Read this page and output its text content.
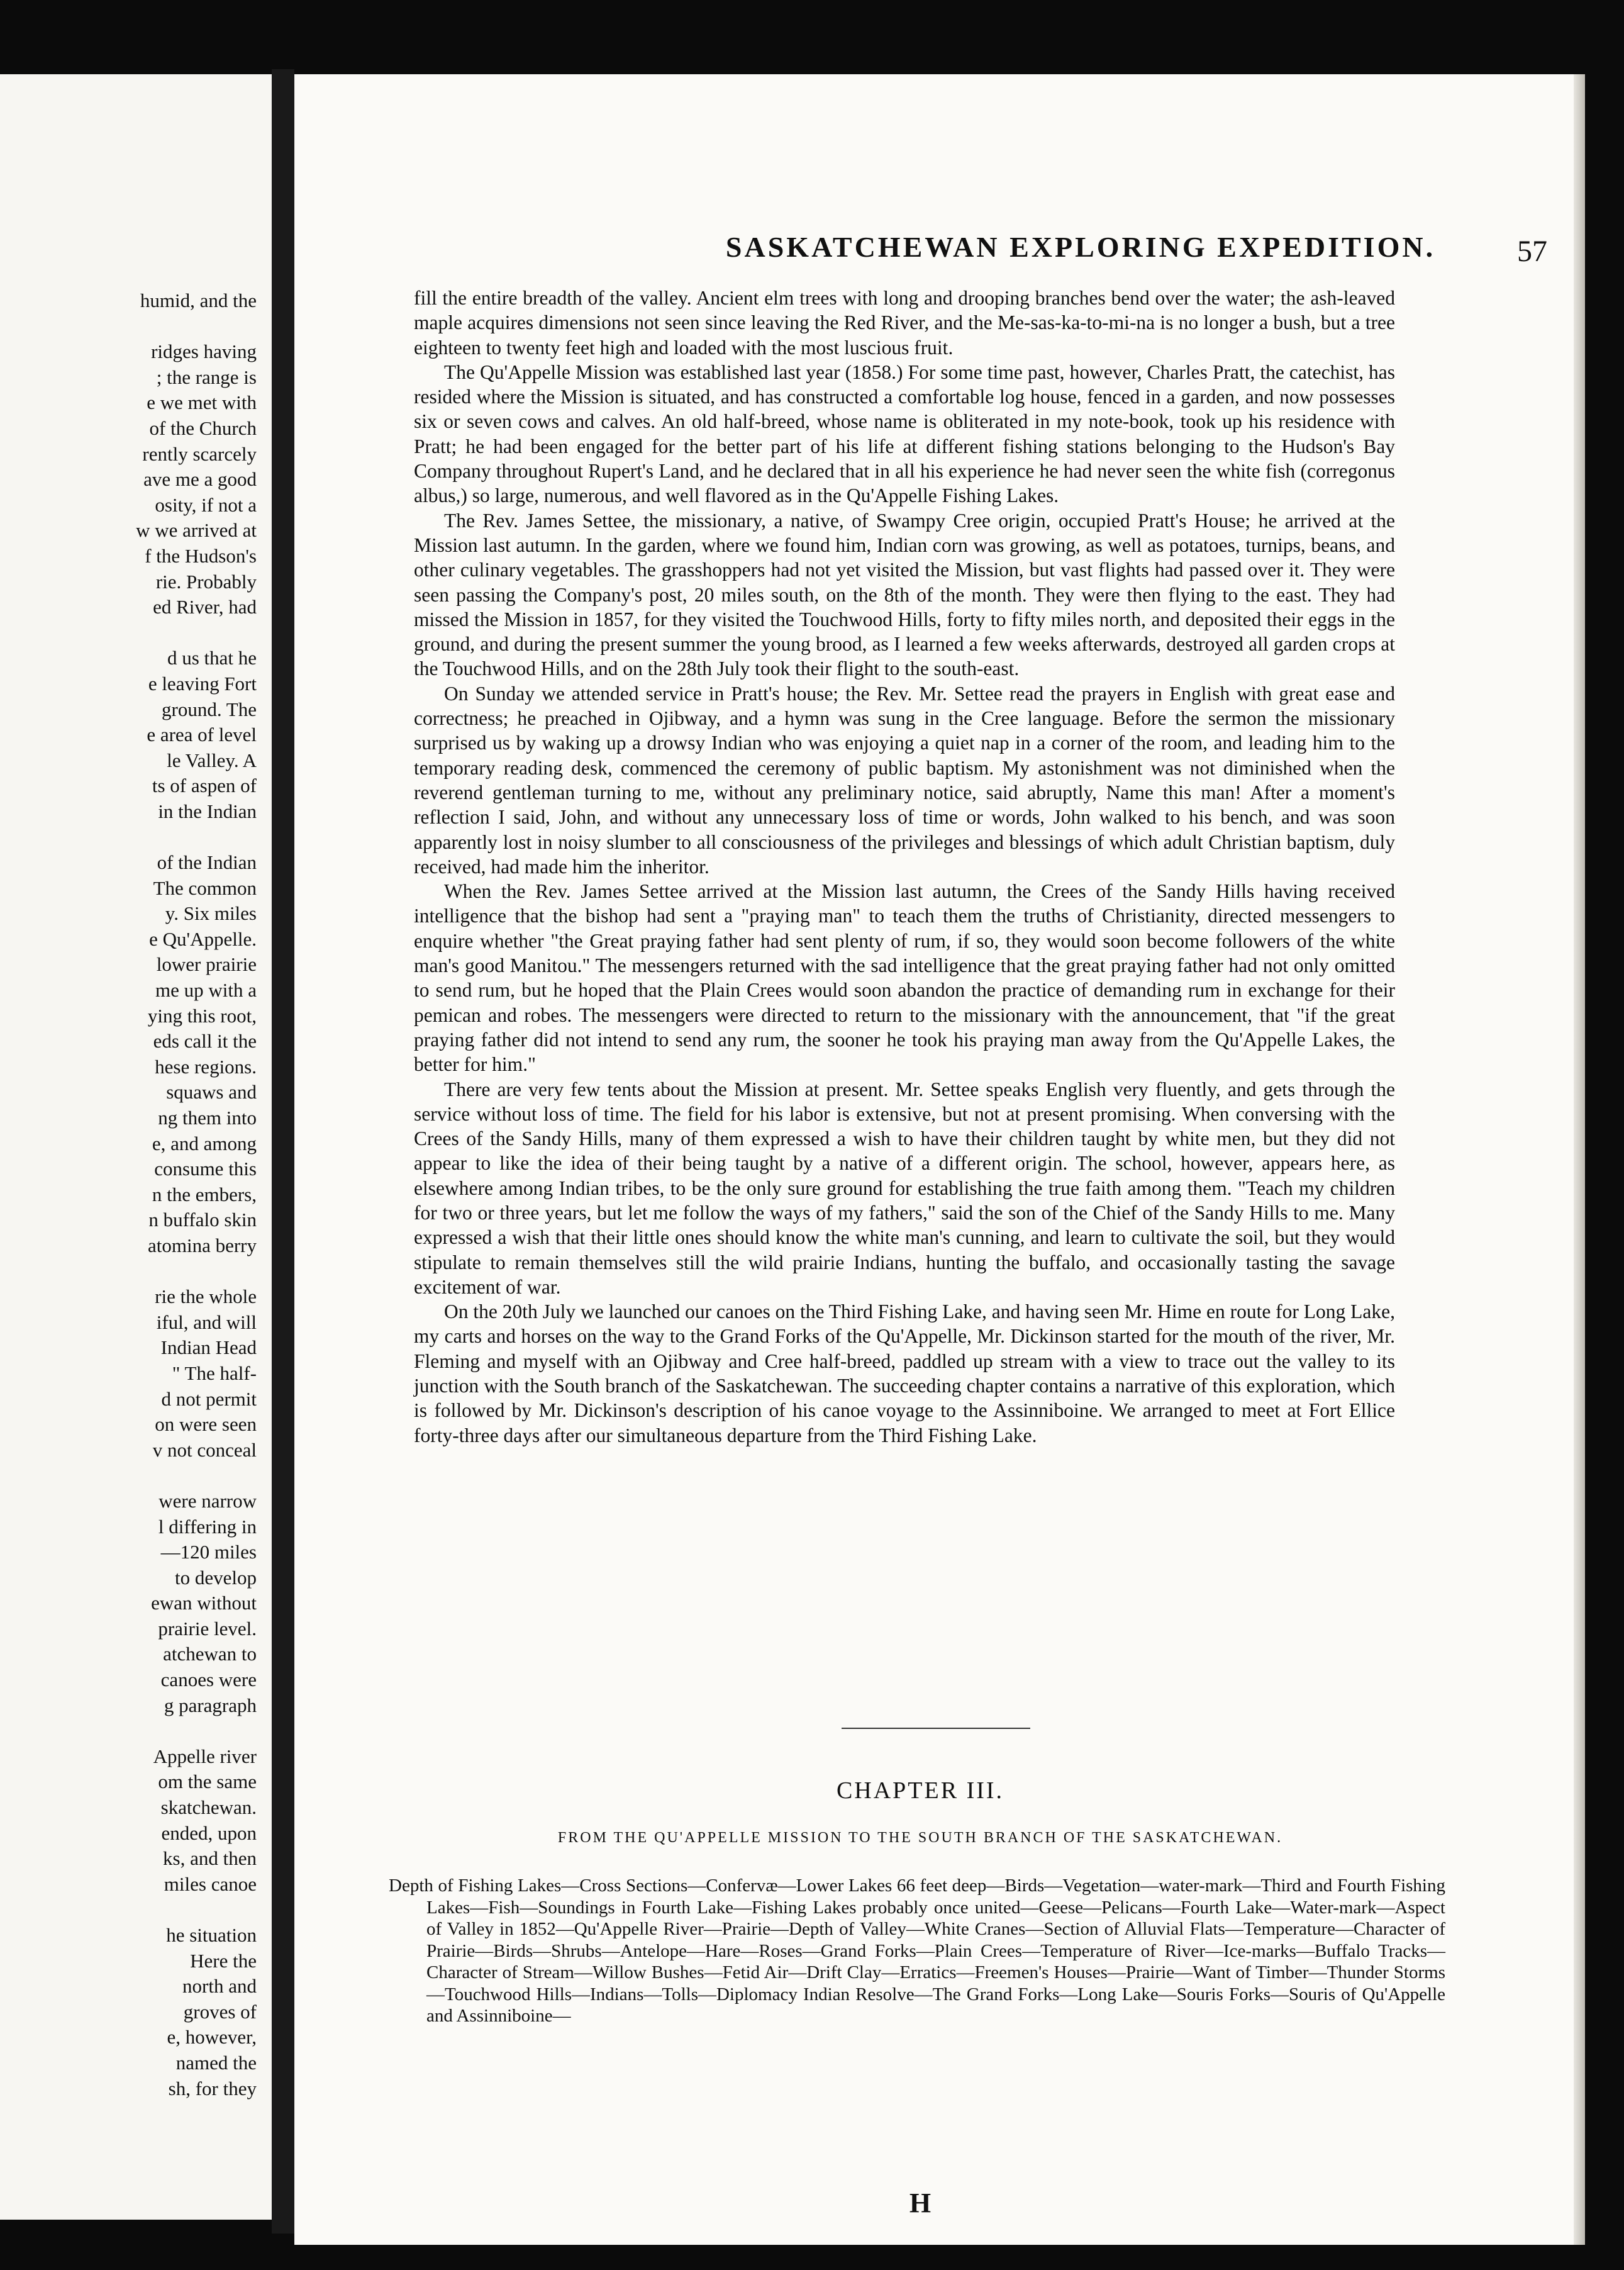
humid, and the
ridges having
; the range is
e we met with
of the Church
rently scarcely
ave me a good
osity, if not a
w we arrived at
f the Hudson's
rie. Probably
ed River, had
d us that he
e leaving Fort
ground. The
e area of level
le Valley. A
ts of aspen of
in the Indian
of the Indian
The common
y. Six miles
e Qu'Appelle.
lower prairie
me up with a
ying this root,
eds call it the
hese regions.
squaws and
ng them into
e, and among
consume this
n the embers,
n buffalo skin
atomina berry
rie the whole
iful, and will
Indian Head
" The half-
d not permit
on were seen
v not conceal
were narrow
l differing in
—120 miles
to develop
ewan without
prairie level.
atchewan to
canoes were
g paragraph
Appelle river
om the same
skatchewan.
ended, upon
ks, and then
miles canoe
he situation
Here the
north and
groves of
e, however,
named the
sh, for they
SASKATCHEWAN EXPLORING EXPEDITION.	57

fill the entire breadth of the valley. Ancient elm trees with long and drooping branches bend over the water; the ash-leaved maple acquires dimensions not seen since leaving the Red River, and the Me-sas-ka-to-mi-na is no longer a bush, but a tree eighteen to twenty feet high and loaded with the most luscious fruit.

The Qu'Appelle Mission was established last year (1858.) For some time past, however, Charles Pratt, the catechist, has resided where the Mission is situated, and has constructed a comfortable log house, fenced in a garden, and now possesses six or seven cows and calves. An old half-breed, whose name is obliterated in my note-book, took up his residence with Pratt; he had been engaged for the better part of his life at different fishing stations belonging to the Hudson's Bay Company throughout Rupert's Land, and he declared that in all his experience he had never seen the white fish (corregonus albus,) so large, numerous, and well flavored as in the Qu'Appelle Fishing Lakes.

The Rev. James Settee, the missionary, a native, of Swampy Cree origin, occupied Pratt's House; he arrived at the Mission last autumn. In the garden, where we found him, Indian corn was growing, as well as potatoes, turnips, beans, and other culinary vegetables. The grasshoppers had not yet visited the Mission, but vast flights had passed over it. They were seen passing the Company's post, 20 miles south, on the 8th of the month. They were then flying to the east. They had missed the Mission in 1857, for they visited the Touchwood Hills, forty to fifty miles north, and deposited their eggs in the ground, and during the present summer the young brood, as I learned a few weeks afterwards, destroyed all garden crops at the Touchwood Hills, and on the 28th July took their flight to the south-east.

On Sunday we attended service in Pratt's house; the Rev. Mr. Settee read the prayers in English with great ease and correctness; he preached in Ojibway, and a hymn was sung in the Cree language. Before the sermon the missionary surprised us by waking up a drowsy Indian who was enjoying a quiet nap in a corner of the room, and leading him to the temporary reading desk, commenced the ceremony of public baptism. My astonishment was not diminished when the reverend gentleman turning to me, without any preliminary notice, said abruptly, Name this man! After a moment's reflection I said, John, and without any unnecessary loss of time or words, John walked to his bench, and was soon apparently lost in noisy slumber to all consciousness of the privileges and blessings of which adult Christian baptism, duly received, had made him the inheritor.

When the Rev. James Settee arrived at the Mission last autumn, the Crees of the Sandy Hills having received intelligence that the bishop had sent a "praying man" to teach them the truths of Christianity, directed messengers to enquire whether "the Great praying father had sent plenty of rum, if so, they would soon become followers of the white man's good Manitou." The messengers returned with the sad intelligence that the great praying father had not only omitted to send rum, but he hoped that the Plain Crees would soon abandon the practice of demanding rum in exchange for their pemican and robes. The messengers were directed to return to the missionary with the announcement, that "if the great praying father did not intend to send any rum, the sooner he took his praying man away from the Qu'Appelle Lakes, the better for him."

There are very few tents about the Mission at present. Mr. Settee speaks English very fluently, and gets through the service without loss of time. The field for his labor is extensive, but not at present promising. When conversing with the Crees of the Sandy Hills, many of them expressed a wish to have their children taught by white men, but they did not appear to like the idea of their being taught by a native of a different origin. The school, however, appears here, as elsewhere among Indian tribes, to be the only sure ground for establishing the true faith among them. "Teach my children for two or three years, but let me follow the ways of my fathers," said the son of the Chief of the Sandy Hills to me. Many expressed a wish that their little ones should know the white man's cunning, and learn to cultivate the soil, but they would stipulate to remain themselves still the wild prairie Indians, hunting the buffalo, and occasionally tasting the savage excitement of war.

On the 20th July we launched our canoes on the Third Fishing Lake, and having seen Mr. Hime en route for Long Lake, my carts and horses on the way to the Grand Forks of the Qu'Appelle, Mr. Dickinson started for the mouth of the river, Mr. Fleming and myself with an Ojibway and Cree half-breed, paddled up stream with a view to trace out the valley to its junction with the South branch of the Saskatchewan. The succeeding chapter contains a narrative of this exploration, which is followed by Mr. Dickinson's description of his canoe voyage to the Assinniboine. We arranged to meet at Fort Ellice forty-three days after our simultaneous departure from the Third Fishing Lake.

CHAPTER III.
FROM THE QU'APPELLE MISSION TO THE SOUTH BRANCH OF THE SASKATCHEWAN.
Depth of Fishing Lakes—Cross Sections—Confervæ—Lower Lakes 66 feet deep—Birds—Vegetation—water-mark—Third and Fourth Fishing Lakes—Fish—Soundings in Fourth Lake—Fishing Lakes probably once united—Geese—Pelicans—Fourth Lake—Water-mark—Aspect of Valley in 1852—Qu'Appelle River—Prairie—Depth of Valley—White Cranes—Section of Alluvial Flats—Temperature—Character of Prairie—Birds—Shrubs—Antelope—Hare—Roses—Grand Forks—Plain Crees—Temperature of River—Ice-marks—Buffalo Tracks—Character of Stream—Willow Bushes—Fetid Air—Drift Clay—Erratics—Freemen's Houses—Prairie—Want of Timber—Thunder Storms—Touchwood Hills—Indians—Tolls—Diplomacy Indian Resolve—The Grand Forks—Long Lake—Souris Forks—Souris of Qu'Appelle and Assinniboine—
H
